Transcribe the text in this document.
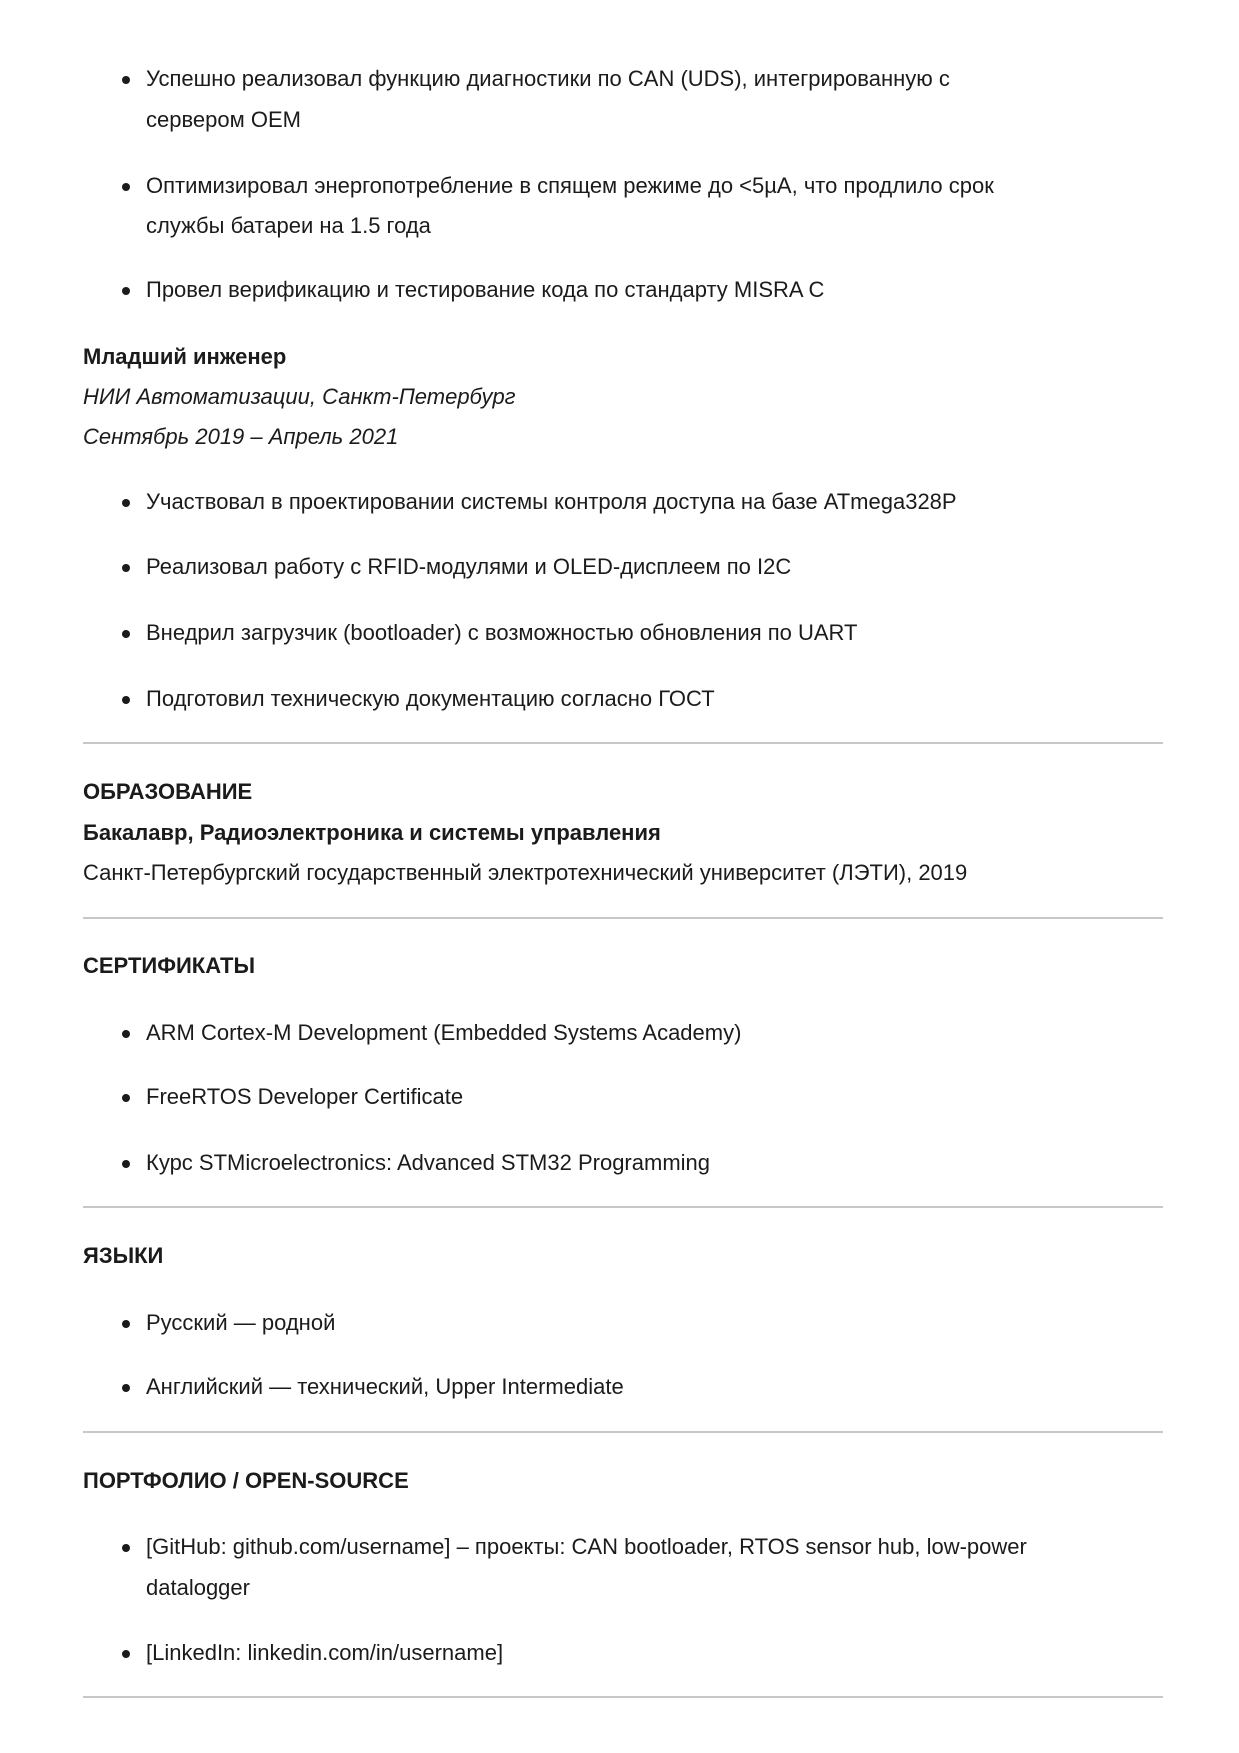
Успешно реализовал функцию диагностики по CAN (UDS), интегрированную с
сервером OEM
Оптимизировал энергопотребление в спящем режиме до <5µA, что продлило срок
службы батареи на 1.5 года
Провел верификацию и тестирование кода по стандарту MISRA C
Младший инженер
НИИ Автоматизации, Санкт-Петербург
Сентябрь 2019 – Апрель 2021
Участвовал в проектировании системы контроля доступа на базе ATmega328P
Реализовал работу с RFID-модулями и OLED-дисплеем по I2C
Внедрил загрузчик (bootloader) с возможностью обновления по UART
Подготовил техническую документацию согласно ГОСТ
ОБРАЗОВАНИЕ
Бакалавр, Радиоэлектроника и системы управления
Санкт-Петербургский государственный электротехнический университет (ЛЭТИ), 2019
СЕРТИФИКАТЫ
ARM Cortex-M Development (Embedded Systems Academy)
FreeRTOS Developer Certificate
Курс STMicroelectronics: Advanced STM32 Programming
ЯЗЫКИ
Русский — родной
Английский — технический, Upper Intermediate
ПОРТФОЛИО / OPEN-SOURCE
[GitHub: github.com/username] – проекты: CAN bootloader, RTOS sensor hub, low-power
datalogger
[LinkedIn: linkedin.com/in/username]
